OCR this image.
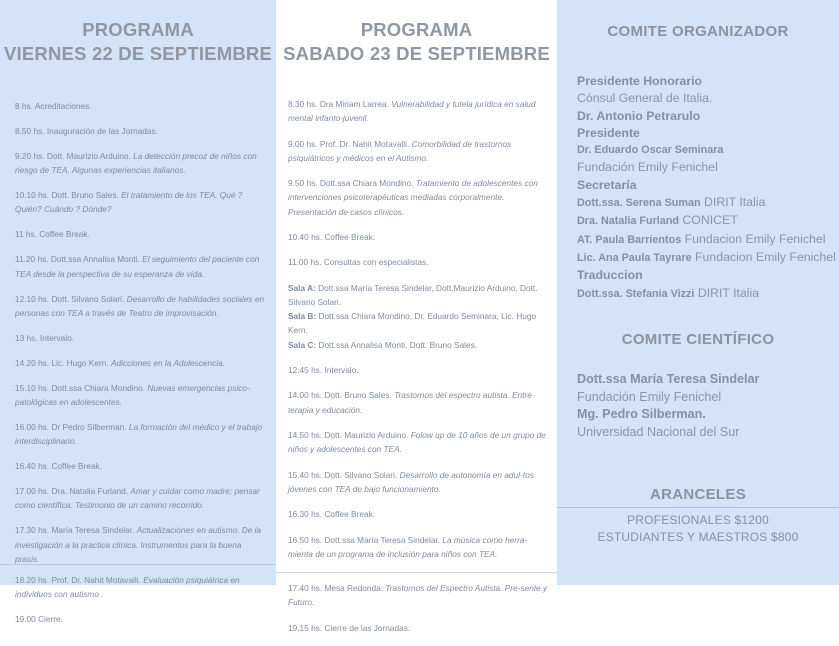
PROGRAMA
VIERNES 22 DE SEPTIEMBRE
8 hs. Acreditaciones.
8.50 hs. Inauguración de las Jornadas.
9.20 hs. Dott. Maurizio Arduino. La detección precoz de niños con riesgo de TEA. Algunas experiencias italianos.
10.10 hs. Dott. Bruno Sales. El tratamiento de los TEA. Qué ? Quién? Cuándo ? Dónde?
11 hs. Coffee Break.
11.20 hs. Dott.ssa Annalisa Monti. El seguimiento del paciente con TEA desde la perspectiva de su esperanza de vida.
12.10 hs. Dott. Silvano Solari. Desarrollo de habilidades sociales en personas con TEA a través de Teatro de improvisación.
13 hs. Intervalo.
14.20 hs. Lic. Hugo Kern. Adicciones en la Adolescencia.
15.10 hs. Dott.ssa Chiara Mondino. Nuevas emergencias psico-patológicas en adolescentes.
16.00 hs. Dr Pedro Silberman. La formación del médico y el trabajo interdisciplinario.
16.40 hs. Coffee Break.
17.00 hs. Dra. Natalia Furland. Amar y cuidar como madre; pensar como científica. Testimonio de un camino recorrido.
17.30 hs. María Teresa Sindelar. Actualizaciones en autismo. De la investigación a la practica clínica. Instrumentos para la buena praxis.
18.20 hs. Prof. Dr. Nahit Motavalli. Evaluación psiquiátrica en individuos con autismo .
19.00 Cierre.
PROGRAMA
SABADO 23 DE SEPTIEMBRE
8.30 hs. Dra Miriam Larrea. Vulnerabilidad y tutela jurídica en salud mental infanto-juvenil.
9.00 hs. Prof. Dr. Nahit Motavalli. Comorbilidad de trastornos psiquiátricos y médicos en el Autismo.
9.50 hs. Dott.ssa Chiara Mondino. Tratamiento de adolescentes con intervenciones psicoterapéuticas mediadas corporalmente. Presentación de casos clínicos.
10.40 hs. Coffee Break.
11.00 hs. Consultas con especialistas.
Sala A: Dott.ssa María Teresa Sindelar, Dott.Maurizio Arduino, Dott. Silvano Solari.
Sala B: Dott.ssa Chiara Mondino, Dr. Eduardo Seminara, Lic. Hugo Kern.
Sala C: Dott.ssa Annalisa Monti, Dott. Bruno Sales.
12.45 hs. Intervalo.
14.00 hs. Dott. Bruno Sales. Trastornos del espectro autista. Entre terapia y educación.
14.50 hs. Dott. Maurizio Arduino. Folow up de 10 años de un grupo de niños y adolescentes con TEA.
15.40 hs. Dott. Silvano Solari. Desarrollo de autonomía en adul-tos jóvenes con TEA de bajo funcionamiento.
16.30 hs. Coffee Break.
16.50 hs. Dott.ssa María Teresa Sindelar. La música como herra-mienta de un programa de inclusión para niños con TEA.
17.40 hs. Mesa Redonda: Trastornos del Espectro Autista. Pre-sente y Futuro.
19.15 hs. Cierre de las Jornadas.
COMITE ORGANIZADOR
Presidente Honorario
Cónsul General de Italia.
Dr. Antonio Petrarulo
Presidente
Dr. Eduardo Oscar Seminara
Fundación Emily Fenichel
Secretaría
Dott.ssa. Serena Suman DIRIT Italia
Dra. Natalia Furland CONICET
AT. Paula Barrientos Fundacion Emily Fenichel
Lic. Ana Paula Tayrare Fundacion Emily Fenichel
Traduccion
Dott.ssa. Stefania Vizzi DIRIT Italia
COMITE CIENTÍFICO
Dott.ssa María Teresa Sindelar
Fundación Emily Fenichel
Mg. Pedro Silberman.
Universidad Nacional del Sur
ARANCELES
PROFESIONALES $1200
ESTUDIANTES Y MAESTROS $800
